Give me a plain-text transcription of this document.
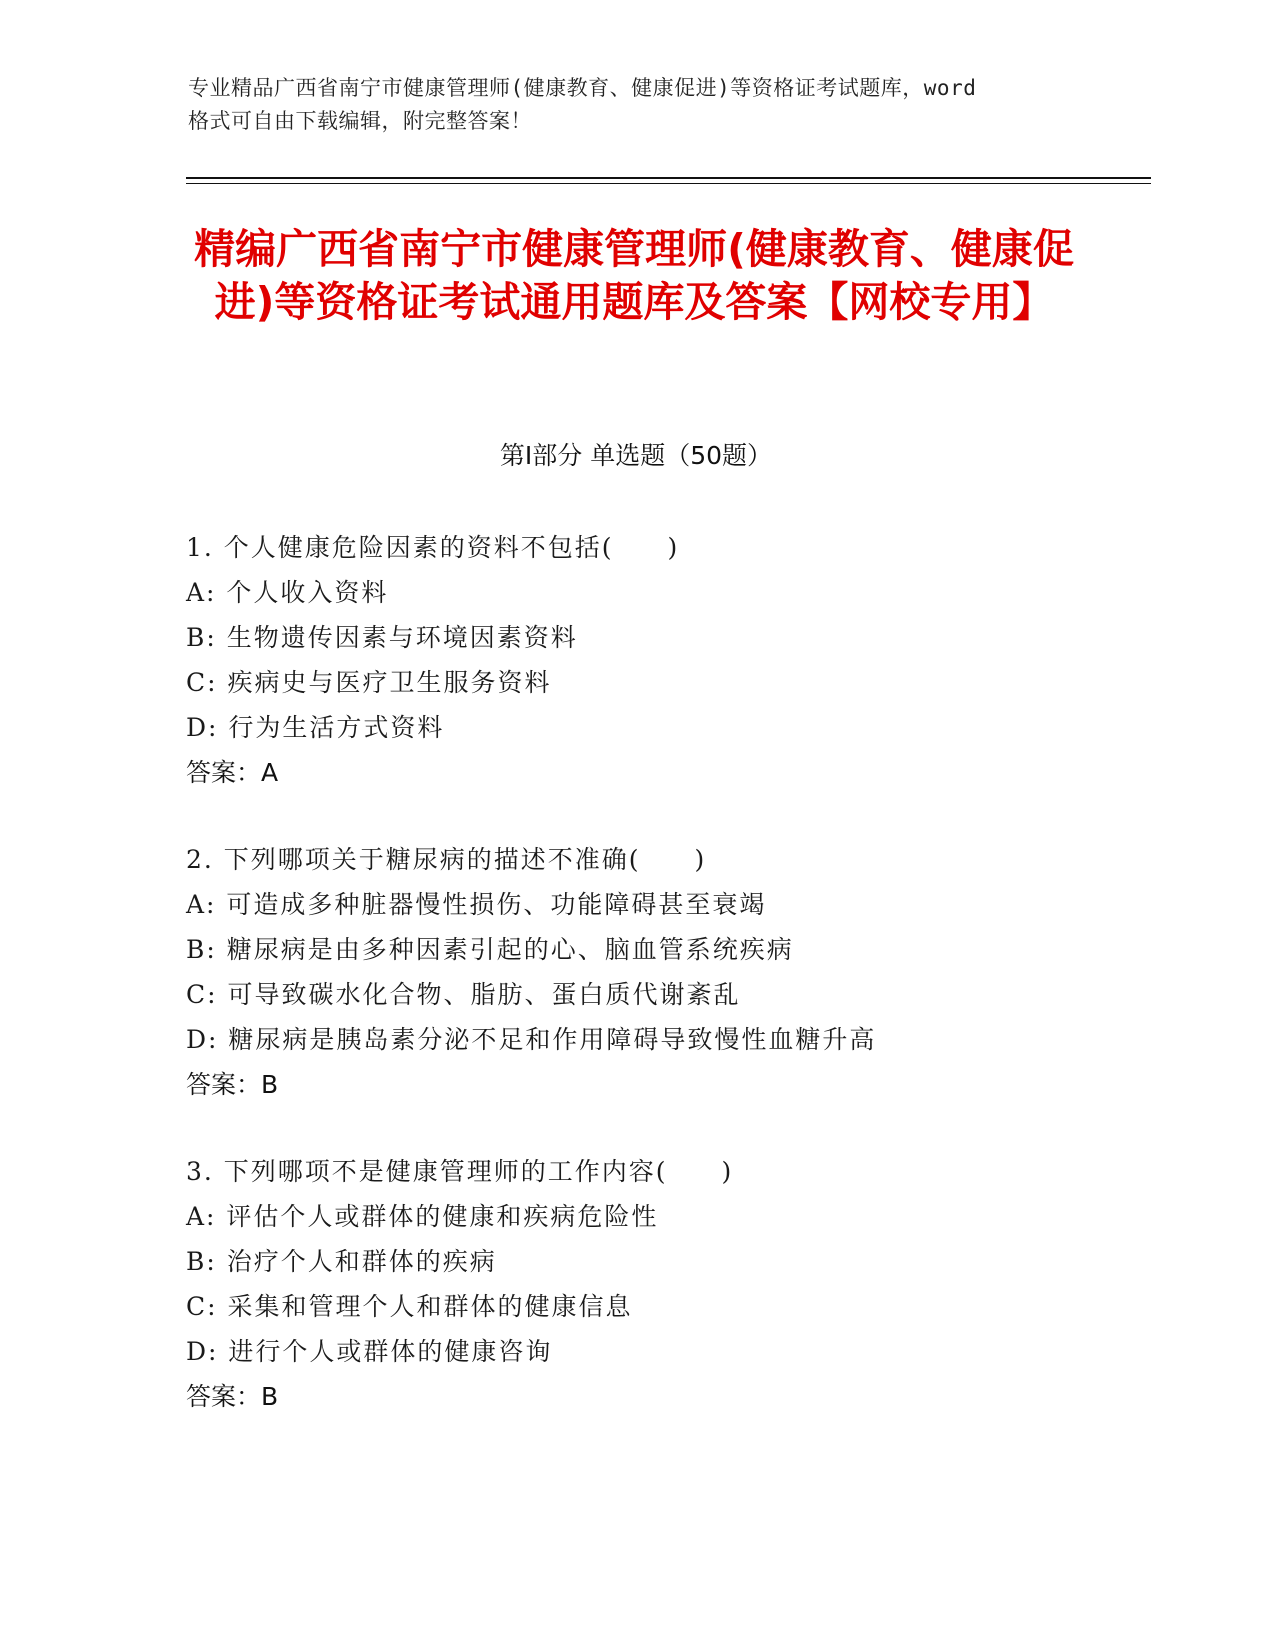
专业精品广西省南宁市健康管理师(健康教育、健康促进)等资格证考试题库，word
格式可自由下载编辑，附完整答案！
精编广西省南宁市健康管理师(健康教育、健康促进)等资格证考试通用题库及答案【网校专用】
第Ⅰ部分 单选题（50题）
1. 个人健康危险因素的资料不包括(　　)
A: 个人收入资料
B: 生物遗传因素与环境因素资料
C: 疾病史与医疗卫生服务资料
D: 行为生活方式资料
答案：A
2. 下列哪项关于糖尿病的描述不准确(　　)
A: 可造成多种脏器慢性损伤、功能障碍甚至衰竭
B: 糖尿病是由多种因素引起的心、脑血管系统疾病
C: 可导致碳水化合物、脂肪、蛋白质代谢紊乱
D: 糖尿病是胰岛素分泌不足和作用障碍导致慢性血糖升高
答案：B
3. 下列哪项不是健康管理师的工作内容(　　)
A: 评估个人或群体的健康和疾病危险性
B: 治疗个人和群体的疾病
C: 采集和管理个人和群体的健康信息
D: 进行个人或群体的健康咨询
答案：B
